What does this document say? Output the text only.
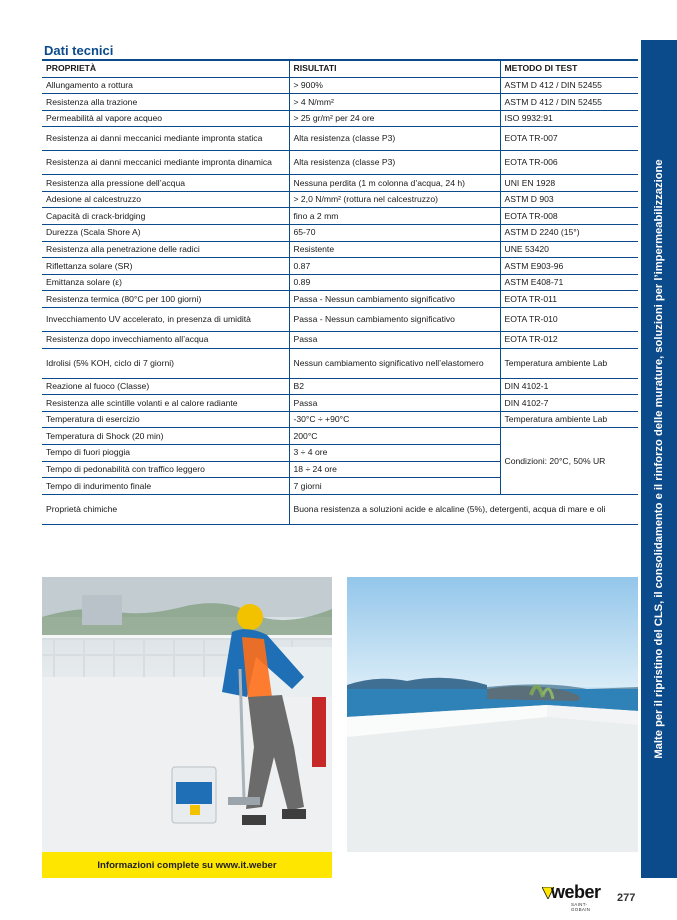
Dati tecnici
PROPRIETÀ	RISULTATI	METODO DI TEST
Allungamento a rottura	> 900%	ASTM D 412 / DIN 52455
Resistenza alla trazione	> 4 N/mm²	ASTM D 412 / DIN 52455
Permeabilità al vapore acqueo	> 25 gr/m² per 24 ore	ISO 9932:91
Resistenza ai danni meccanici mediante impronta statica	Alta resistenza (classe P3)	EOTA TR-007
Resistenza ai danni meccanici mediante impronta dinamica	Alta resistenza (classe P3)	EOTA TR-006
Resistenza alla pressione dell’acqua	Nessuna perdita (1 m colonna d’acqua, 24 h)	UNI EN 1928
Adesione al calcestruzzo	> 2,0 N/mm² (rottura nel calcestruzzo)	ASTM D 903
Capacità di crack-bridging	fino a 2 mm	EOTA TR-008
Durezza (Scala Shore A)	65-70	ASTM D 2240 (15°)
Resistenza alla penetrazione delle radici	Resistente	UNE 53420
Riflettanza solare (SR)	0.87	ASTM E903-96
Emittanza solare (ε)	0.89	ASTM E408-71
Resistenza termica (80°C per 100 giorni)	Passa - Nessun cambiamento significativo	EOTA TR-011
Invecchiamento UV accelerato, in presenza di umidità	Passa - Nessun cambiamento significativo	EOTA TR-010
Resistenza dopo invecchiamento all’acqua	Passa	EOTA TR-012
Idrolisi (5% KOH, ciclo di 7 giorni)	Nessun cambiamento significativo nell’elastomero	Temperatura ambiente Lab
Reazione al fuoco (Classe)	B2	DIN 4102-1
Resistenza alle scintille volanti e al calore radiante	Passa	DIN 4102-7
Temperatura di esercizio	-30°C ÷ +90°C	Temperatura ambiente Lab
Temperatura di Shock (20 min)	200°C	Condizioni: 20°C, 50% UR
Tempo di fuori pioggia	3 ÷ 4 ore	
Tempo di pedonabilità con traffico leggero	18 ÷ 24 ore	
Tempo di indurimento finale	7 giorni	
Proprietà chimiche	Buona resistenza a soluzioni acide e alcaline (5%), detergenti, acqua di mare e oli		Malte per il ripristino del CLS, il consolidamento e il rinforzo delle murature, soluzioni per l’impermeabilizzazione
Informazioni complete su www.it.weber
weber
SAINT-GOBAIN
277
